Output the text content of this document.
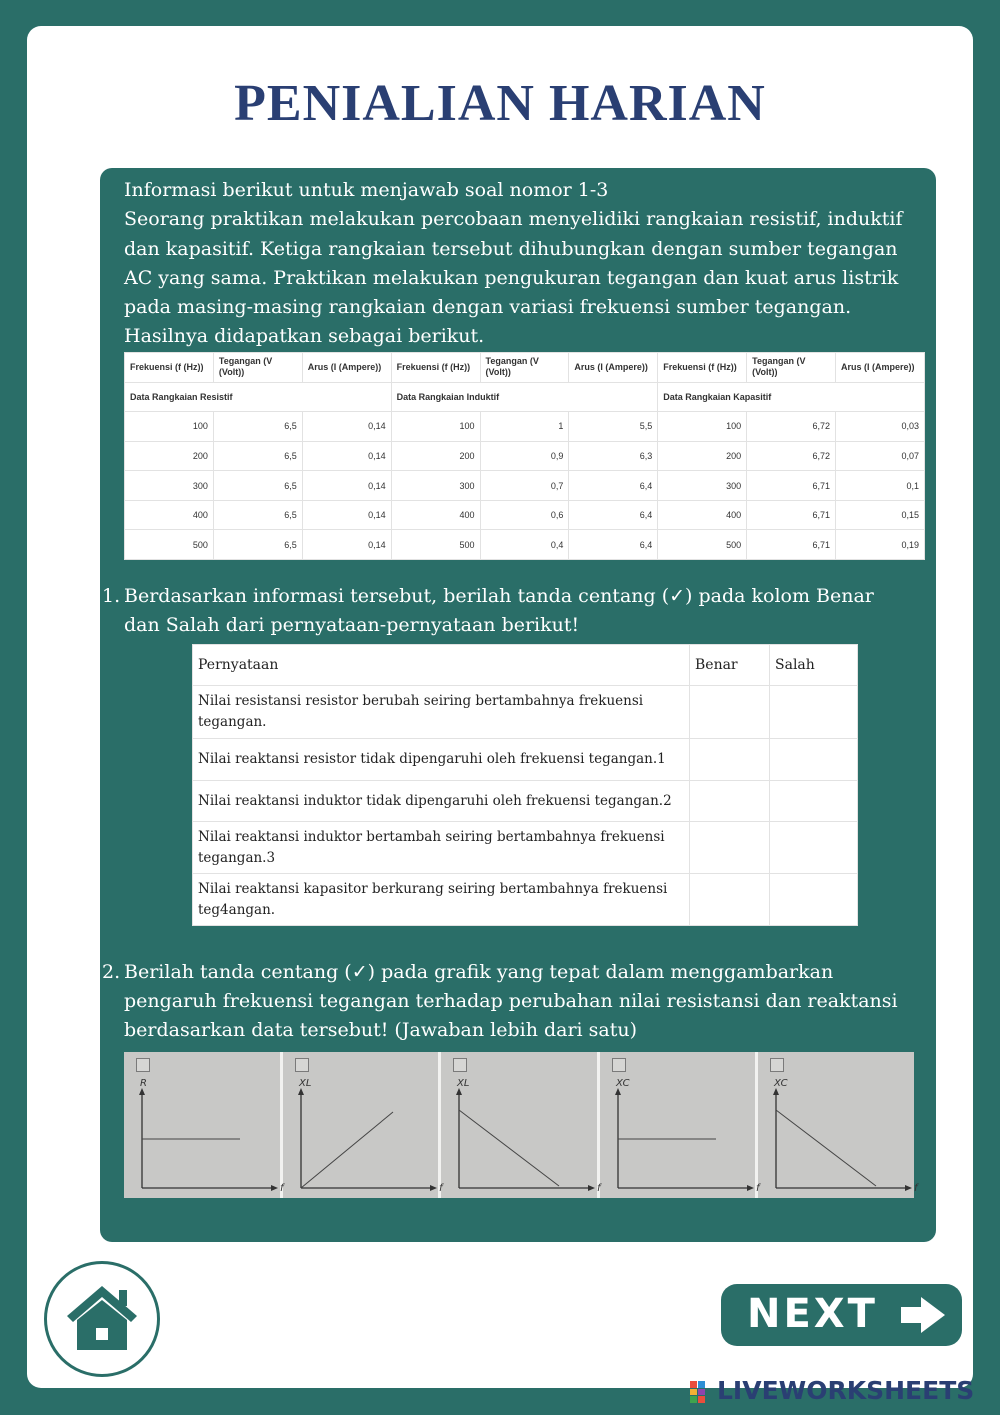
PENIALIAN HARIAN

Informasi berikut untuk menjawab soal nomor 1-3

Seorang praktikan melakukan percobaan menyelidiki rangkaian resistif, induktif dan kapasitif. Ketiga rangkaian tersebut dihubungkan dengan sumber tegangan AC yang sama. Praktikan melakukan pengukuran tegangan dan kuat arus listrik pada masing-masing rangkaian dengan variasi frekuensi sumber tegangan. Hasilnya didapatkan sebagai berikut.

Frekuensi (f (Hz))	Tegangan (V (Volt))	Arus (I (Ampere))	Frekuensi (f (Hz))	Tegangan (V (Volt))	Arus (I (Ampere))	Frekuensi (f (Hz))	Tegangan (V (Volt))	Arus (I (Ampere))
Data Rangkaian Resistif			Data Rangkaian Induktif			Data Rangkaian Kapasitif		
100	6,5	0,14	100	1	5,5	100	6,72	0,03
200	6,5	0,14	200	0,9	6,3	200	6,72	0,07
300	6,5	0,14	300	0,7	6,4	300	6,71	0,1
400	6,5	0,14	400	0,6	6,4	400	6,71	0,15
500	6,5	0,14	500	0,4	6,4	500	6,71	0,19
1. Berdasarkan informasi tersebut, berilah tanda centang (✓) pada kolom Benar dan Salah dari pernyataan-pernyataan berikut!
Pernyataan	Benar	Salah
Nilai resistansi resistor berubah seiring bertambahnya frekuensi tegangan.		
Nilai reaktansi resistor tidak dipengaruhi oleh frekuensi tegangan.1		
Nilai reaktansi induktor tidak dipengaruhi oleh frekuensi tegangan.2		
Nilai reaktansi induktor bertambah seiring bertambahnya frekuensi tegangan.3		
Nilai reaktansi kapasitor berkurang seiring bertambahnya frekuensi teg4angan.		
2. Berilah tanda centang (✓) pada grafik yang tepat dalam menggambarkan pengaruh frekuensi tegangan terhadap perubahan nilai resistansi dan reaktansi berdasarkan data tersebut! (Jawaban lebih dari satu)
R
f
XL
f
XL
f
XC
f
XC
f
NEXT
LIVEWORKSHEETS
